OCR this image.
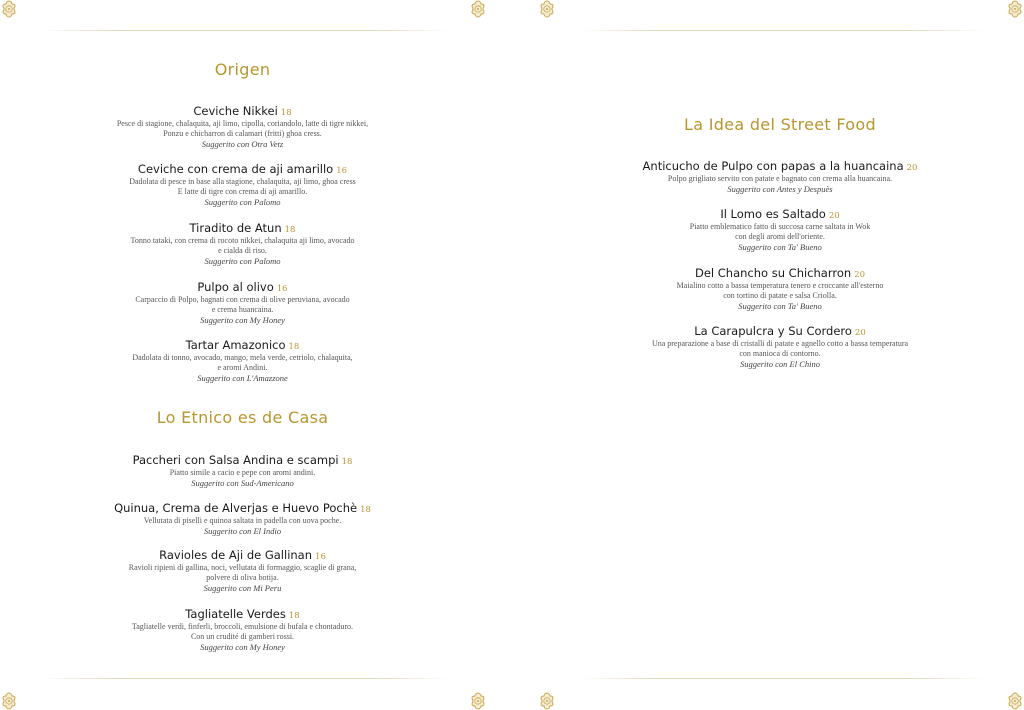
Origen
Ceviche Nikkei 18
Pesce di stagione, chalaquita, aji limo, cipolla, coriandolo, latte di tigre nikkei,
Ponzu e chicharron di calamari (fritti) ghoa cress.
Suggerito con Otra Vetz
Ceviche con crema de aji amarillo 16
Dadolata di pesce in base alla stagione, chalaquita, aji limo, ghoa cress
E latte di tigre con crema di aji amarillo.
Suggerito con Palomo
Tiradito de Atun 18
Tonno tataki, con crema di rocoto nikkei, chalaquita aji limo, avocado
e cialda di riso.
Suggerito con Palomo
Pulpo al olivo 16
Carpaccio di Polpo, bagnati con crema di olive peruviana, avocado
e crema huancaina.
Suggerito con My Honey
Tartar Amazonico 18
Dadolata di tonno, avocado, mango, mela verde, cetriolo, chalaquita,
e aromi Andini.
Suggerito con L'Amazzone
Lo Etnico es de Casa
Paccheri con Salsa Andina e scampi 18
Piatto simile a cacio e pepe con aromi andini.
Suggerito con Sud-Americano
Quinua, Crema de Alverjas e Huevo Pochè 18
Vellutata di piselli e quinoa saltata in padella con uova poche.
Suggerito con El Indio
Ravioles de Aji de Gallinan 16
Ravioli ripieni di gallina, noci, vellutata di formaggio, scaglie di grana,
polvere di oliva botija.
Suggerito con Mi Peru
Tagliatelle Verdes 18
Tagliatelle verdi, finferli, broccoli, emulsione di bufala e chontaduro.
Con un crudité di gamberi rossi.
Suggerito con My Honey
La Idea del Street Food
Anticucho de Pulpo con papas a la huancaina 20
Polpo grigliato servito con patate e bagnato con crema alla huancaina.
Suggerito con Antes y Despuès
Il Lomo es Saltado 20
Piatto emblematico fatto di succosa carne saltata in Wok
con degli aromi dell'oriente.
Suggerito con Ta' Bueno
Del Chancho su Chicharron 20
Maialino cotto a bassa temperatura tenero e croccante all'esterno
con tortino di patate e salsa Criolla.
Suggerito con Ta' Bueno
La Carapulcra y Su Cordero 20
Una preparazione a base di cristalli di patate e agnello cotto a bassa temperatura
con manioca di contorno.
Suggerito con El Chino
